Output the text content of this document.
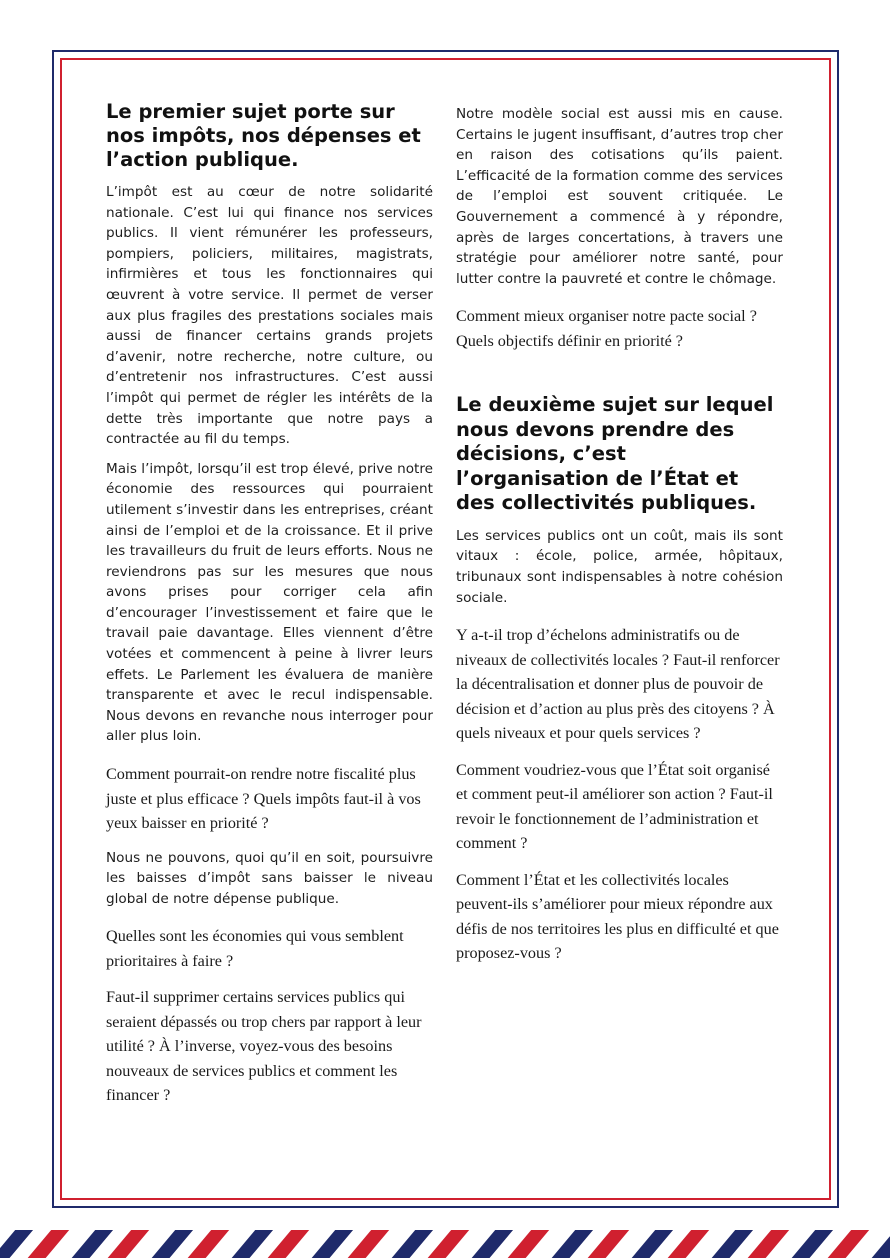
Le premier sujet porte sur nos impôts, nos dépenses et l’action publique.

L’impôt est au cœur de notre solidarité nationale. C’est lui qui finance nos services publics. Il vient rémunérer les professeurs, pompiers, policiers, militaires, magistrats, infirmières et tous les fonctionnaires qui œuvrent à votre service. Il permet de verser aux plus fragiles des prestations sociales mais aussi de financer certains grands projets d’avenir, notre recherche, notre culture, ou d’entretenir nos infrastructures. C’est aussi l’impôt qui permet de régler les intérêts de la dette très importante que notre pays a contractée au fil du temps.

Mais l’impôt, lorsqu’il est trop élevé, prive notre économie des ressources qui pourraient utilement s’investir dans les entreprises, créant ainsi de l’emploi et de la croissance. Et il prive les travailleurs du fruit de leurs efforts. Nous ne reviendrons pas sur les mesures que nous avons prises pour corriger cela afin d’encourager l’investissement et faire que le travail paie davantage. Elles viennent d’être votées et commencent à peine à livrer leurs effets. Le Parlement les évaluera de manière transparente et avec le recul indispensable. Nous devons en revanche nous interroger pour aller plus loin.

Comment pourrait-on rendre notre fiscalité plus juste et plus efficace ? Quels impôts faut-il à vos yeux baisser en priorité ?

Nous ne pouvons, quoi qu’il en soit, poursuivre les baisses d’impôt sans baisser le niveau global de notre dépense publique.

Quelles sont les économies qui vous semblent prioritaires à faire ?

Faut-il supprimer certains services publics qui seraient dépassés ou trop chers par rapport à leur utilité ? À l’inverse, voyez-vous des besoins nouveaux de services publics et comment les financer ?

Notre modèle social est aussi mis en cause. Certains le jugent insuffisant, d’autres trop cher en raison des cotisations qu’ils paient. L’efficacité de la formation comme des services de l’emploi est souvent critiquée. Le Gouvernement a commencé à y répondre, après de larges concertations, à travers une stratégie pour améliorer notre santé, pour lutter contre la pauvreté et contre le chômage.

Comment mieux organiser notre pacte social ? Quels objectifs définir en priorité ?

Le deuxième sujet sur lequel nous devons prendre des décisions, c’est l’organisation de l’État et des collectivités publiques.

Les services publics ont un coût, mais ils sont vitaux : école, police, armée, hôpitaux, tribunaux sont indispensables à notre cohésion sociale.

Y a-t-il trop d’échelons administratifs ou de niveaux de collectivités locales ? Faut-il renforcer la décentralisation et donner plus de pouvoir de décision et d’action au plus près des citoyens ? À quels niveaux et pour quels services ?

Comment voudriez-vous que l’État soit organisé et comment peut-il améliorer son action ? Faut-il revoir le fonctionnement de l’administration et comment ?

Comment l’État et les collectivités locales peuvent-ils s’améliorer pour mieux répondre aux défis de nos territoires les plus en difficulté et que proposez-vous ?
